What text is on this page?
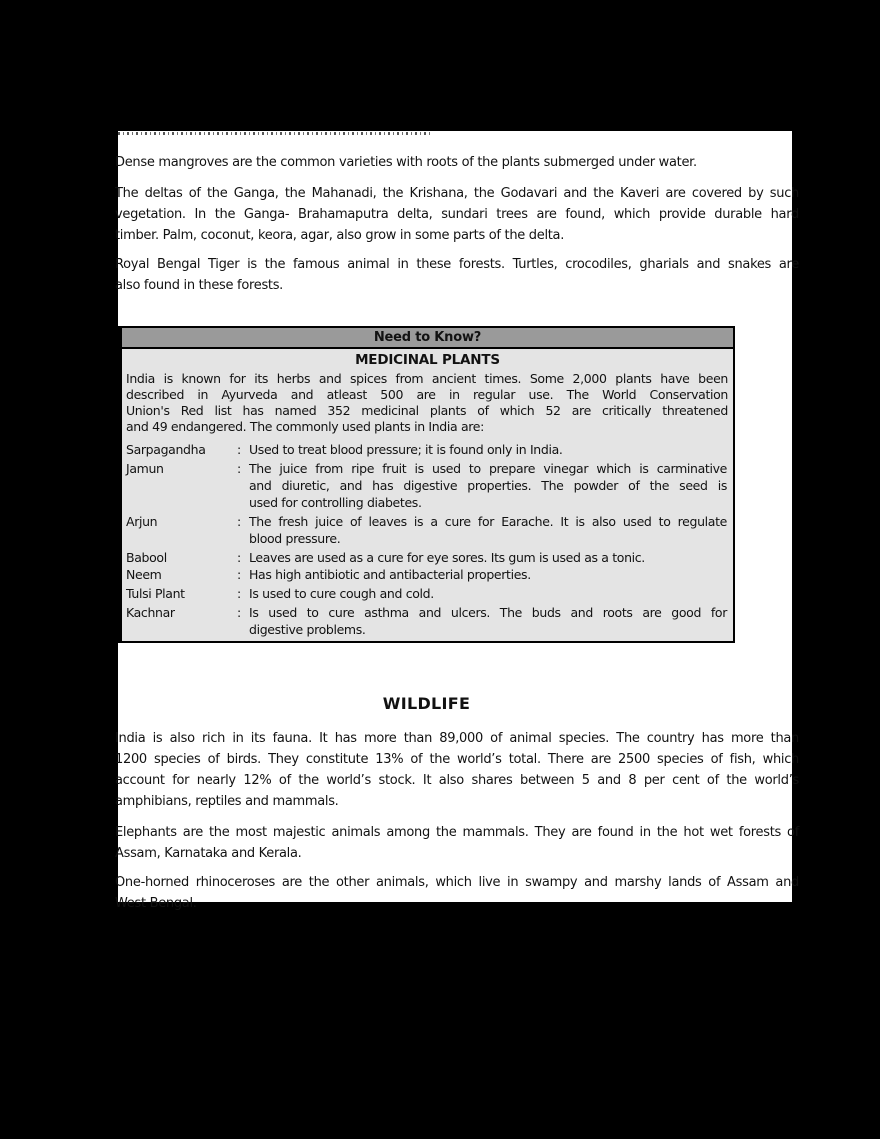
Dense mangroves are the common varieties with roots of the plants submerged under water.
The deltas of the Ganga, the Mahanadi, the Krishana, the Godavari and the Kaveri are covered by such
vegetation. In the Ganga- Brahamaputra delta, sundari trees are found, which provide durable hard
timber. Palm, coconut, keora, agar, also grow in some parts of the delta.
Royal Bengal Tiger is the famous animal in these forests. Turtles, crocodiles, gharials and snakes are
also found in these forests.
Need to Know?
MEDICINAL PLANTS
India is known for its herbs and spices from ancient times. Some 2,000 plants have been
described in Ayurveda and atleast 500 are in regular use. The World Conservation
Union's Red list has named 352 medicinal plants of which 52 are critically threatened
and 49 endangered. The commonly used plants in India are:
Sarpagandha	: Used to treat blood pressure; it is found only in India.
Jamun	: The juice from ripe fruit is used to prepare vinegar which is carminative
and diuretic, and has digestive properties. The powder of the seed is
used for controlling diabetes.
Arjun	: The fresh juice of leaves is a cure for Earache. It is also used to regulate
blood pressure.
Babool	: Leaves are used as a cure for eye sores. Its gum is used as a tonic.
Neem	: Has high antibiotic and antibacterial properties.
Tulsi Plant	: Is used to cure cough and cold.
Kachnar	: Is used to cure asthma and ulcers. The buds and roots are good for
digestive problems.
WILDLIFE
India is also rich in its fauna. It has more than 89,000 of animal species. The country has more than
1200 species of birds. They constitute 13% of the world’s total. There are 2500 species of fish, which
account for nearly 12% of the world’s stock. It also shares between 5 and 8 per cent of the world’s
amphibians, reptiles and mammals.
Elephants are the most majestic animals among the mammals. They are found in the hot wet forests of
Assam, Karnataka and Kerala.
One-horned rhinoceroses are the other animals, which live in swampy and marshy lands of Assam and
West Bengal.
